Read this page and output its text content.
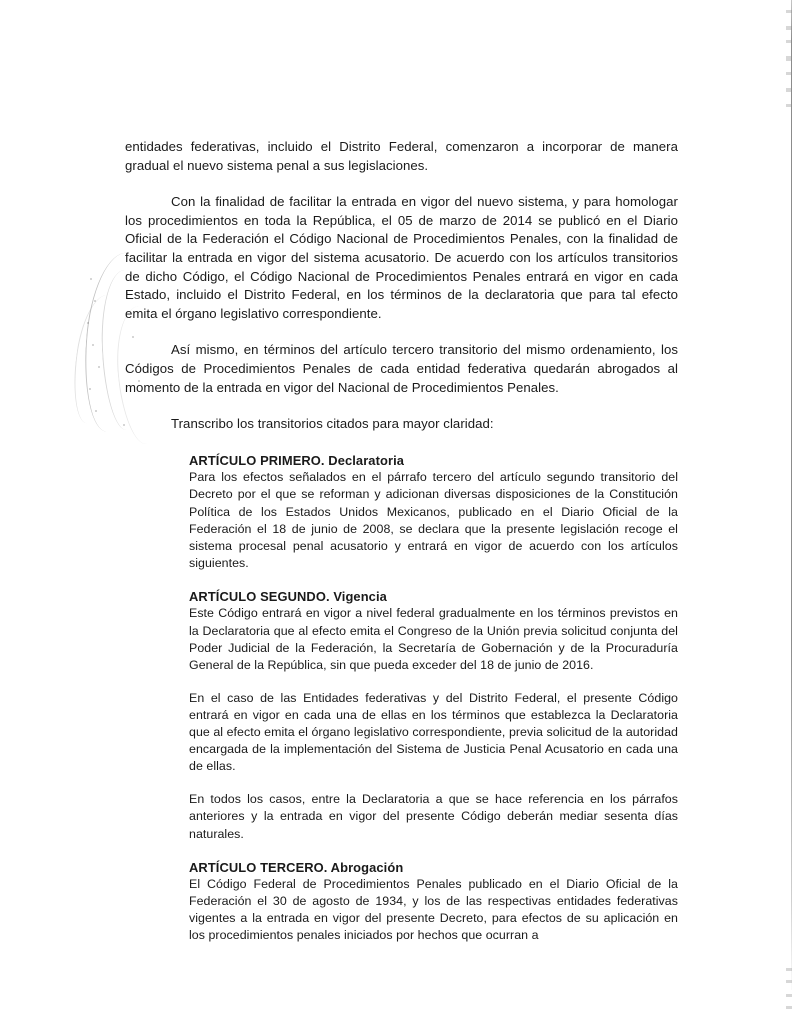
entidades federativas, incluido el Distrito Federal, comenzaron a incorporar de manera gradual el nuevo sistema penal a sus legislaciones.

Con la finalidad de facilitar la entrada en vigor del nuevo sistema, y para homologar los procedimientos en toda la República, el 05 de marzo de 2014 se publicó en el Diario Oficial de la Federación el Código Nacional de Procedimientos Penales, con la finalidad de facilitar la entrada en vigor del sistema acusatorio. De acuerdo con los artículos transitorios de dicho Código, el Código Nacional de Procedimientos Penales entrará en vigor en cada Estado, incluido el Distrito Federal, en los términos de la declaratoria que para tal efecto emita el órgano legislativo correspondiente.

Así mismo, en términos del artículo tercero transitorio del mismo ordenamiento, los Códigos de Procedimientos Penales de cada entidad federativa quedarán abrogados al momento de la entrada en vigor del Nacional de Procedimientos Penales.

Transcribo los transitorios citados para mayor claridad:

ARTÍCULO PRIMERO. Declaratoria

Para los efectos señalados en el párrafo tercero del artículo segundo transitorio del Decreto por el que se reforman y adicionan diversas disposiciones de la Constitución Política de los Estados Unidos Mexicanos, publicado en el Diario Oficial de la Federación el 18 de junio de 2008, se declara que la presente legislación recoge el sistema procesal penal acusatorio y entrará en vigor de acuerdo con los artículos siguientes.

ARTÍCULO SEGUNDO. Vigencia

Este Código entrará en vigor a nivel federal gradualmente en los términos previstos en la Declaratoria que al efecto emita el Congreso de la Unión previa solicitud conjunta del Poder Judicial de la Federación, la Secretaría de Gobernación y de la Procuraduría General de la República, sin que pueda exceder del 18 de junio de 2016.

En el caso de las Entidades federativas y del Distrito Federal, el presente Código entrará en vigor en cada una de ellas en los términos que establezca la Declaratoria que al efecto emita el órgano legislativo correspondiente, previa solicitud de la autoridad encargada de la implementación del Sistema de Justicia Penal Acusatorio en cada una de ellas.

En todos los casos, entre la Declaratoria a que se hace referencia en los párrafos anteriores y la entrada en vigor del presente Código deberán mediar sesenta días naturales.

ARTÍCULO TERCERO. Abrogación

El Código Federal de Procedimientos Penales publicado en el Diario Oficial de la Federación el 30 de agosto de 1934, y los de las respectivas entidades federativas vigentes a la entrada en vigor del presente Decreto, para efectos de su aplicación en los procedimientos penales iniciados por hechos que ocurran a
